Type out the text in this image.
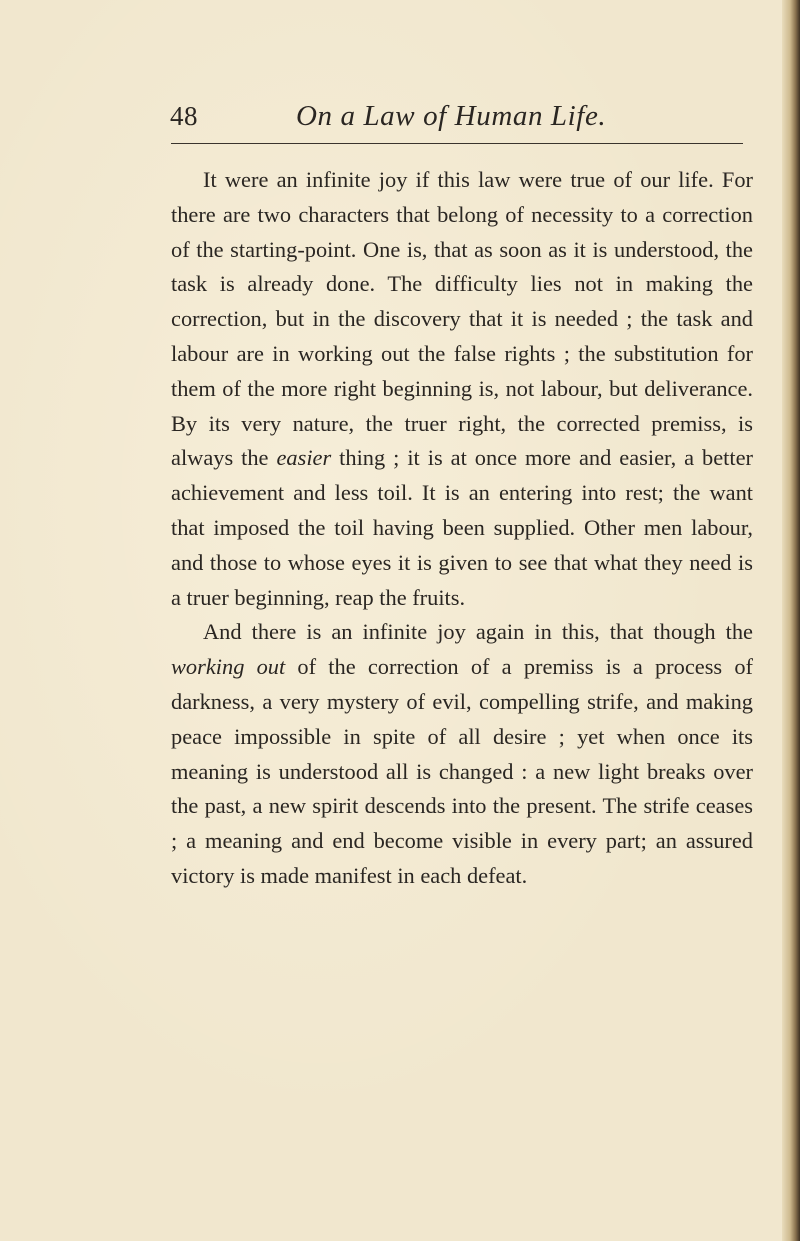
48	On a Law of Human Life.

It were an infinite joy if this law were true of our life. For there are two characters that belong of necessity to a correction of the starting-point. One is, that as soon as it is understood, the task is already done. The difficulty lies not in making the correction, but in the discovery that it is needed ; the task and labour are in working out the false rights ; the substitution for them of the more right beginning is, not labour, but deliverance. By its very nature, the truer right, the corrected premiss, is always the easier thing ; it is at once more and easier, a better achievement and less toil. It is an entering into rest; the want that imposed the toil having been supplied. Other men labour, and those to whose eyes it is given to see that what they need is a truer beginning, reap the fruits.

And there is an infinite joy again in this, that though the working out of the correction of a premiss is a process of darkness, a very mystery of evil, compelling strife, and making peace impossible in spite of all desire ; yet when once its meaning is understood all is changed : a new light breaks over the past, a new spirit descends into the present. The strife ceases ; a meaning and end become visible in every part; an assured victory is made manifest in each defeat.
